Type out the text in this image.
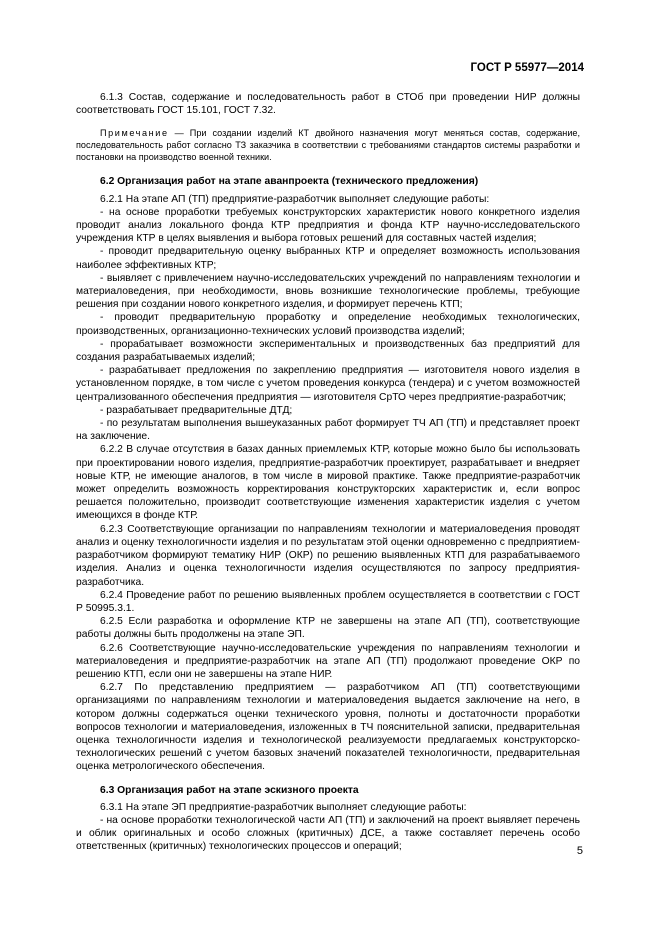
ГОСТ Р 55977—2014

6.1.3 Состав, содержание и последовательность работ в СТОб при проведении НИР должны соответствовать ГОСТ 15.101, ГОСТ 7.32.

Примечание — При создании изделий КТ двойного назначения могут меняться состав, содержание, последовательность работ согласно ТЗ заказчика в соответствии с требованиями стандартов системы разработки и постановки на производство военной техники.

6.2 Организация работ на этапе аванпроекта (технического предложения)

6.2.1 На этапе АП (ТП) предприятие-разработчик выполняет следующие работы:

- на основе проработки требуемых конструкторских характеристик нового конкретного изделия проводит анализ локального фонда КТР предприятия и фонда КТР научно-исследовательского учреждения КТР в целях выявления и выбора готовых решений для составных частей изделия;

- проводит предварительную оценку выбранных КТР и определяет возможность использования наиболее эффективных КТР;

- выявляет с привлечением научно-исследовательских учреждений по направлениям технологии и материаловедения, при необходимости, вновь возникшие технологические проблемы, требующие решения при создании нового конкретного изделия, и формирует перечень КТП;

- проводит предварительную проработку и определение необходимых технологических, производственных, организационно-технических условий производства изделий;

- прорабатывает возможности экспериментальных и производственных баз предприятий для создания разрабатываемых изделий;

- разрабатывает предложения по закреплению предприятия — изготовителя нового изделия в установленном порядке, в том числе с учетом проведения конкурса (тендера) и с учетом возможностей централизованного обеспечения предприятия — изготовителя СрТО через предприятие-разработчик;

- разрабатывает предварительные ДТД;

- по результатам выполнения вышеуказанных работ формирует ТЧ АП (ТП) и представляет проект на заключение.

6.2.2 В случае отсутствия в базах данных приемлемых КТР, которые можно было бы использовать при проектировании нового изделия, предприятие-разработчик проектирует, разрабатывает и внедряет новые КТР, не имеющие аналогов, в том числе в мировой практике. Также предприятие-разработчик может определить возможность корректирования конструкторских характеристик и, если вопрос решается положительно, производит соответствующие изменения характеристик изделия с учетом имеющихся в фонде КТР.

6.2.3 Соответствующие организации по направлениям технологии и материаловедения проводят анализ и оценку технологичности изделия и по результатам этой оценки одновременно с предприятием-разработчиком формируют тематику НИР (ОКР) по решению выявленных КТП для разрабатываемого изделия. Анализ и оценка технологичности изделия осуществляются по запросу предприятия-разработчика.

6.2.4 Проведение работ по решению выявленных проблем осуществляется в соответствии с ГОСТ Р 50995.3.1.

6.2.5 Если разработка и оформление КТР не завершены на этапе АП (ТП), соответствующие работы должны быть продолжены на этапе ЭП.

6.2.6 Соответствующие научно-исследовательские учреждения по направлениям технологии и материаловедения и предприятие-разработчик на этапе АП (ТП) продолжают проведение ОКР по решению КТП, если они не завершены на этапе НИР.

6.2.7 По представлению предприятием — разработчиком АП (ТП) соответствующими организациями по направлениям технологии и материаловедения выдается заключение на него, в котором должны содержаться оценки технического уровня, полноты и достаточности проработки вопросов технологии и материаловедения, изложенных в ТЧ пояснительной записки, предварительная оценка технологичности изделия и технологической реализуемости предлагаемых конструкторско-технологических решений с учетом базовых значений показателей технологичности, предварительная оценка метрологического обеспечения.

6.3 Организация работ на этапе эскизного проекта

6.3.1 На этапе ЭП предприятие-разработчик выполняет следующие работы:

- на основе проработки технологической части АП (ТП) и заключений на проект выявляет перечень и облик оригинальных и особо сложных (критичных) ДСЕ, а также составляет перечень особо ответственных (критичных) технологических процессов и операций;	5
